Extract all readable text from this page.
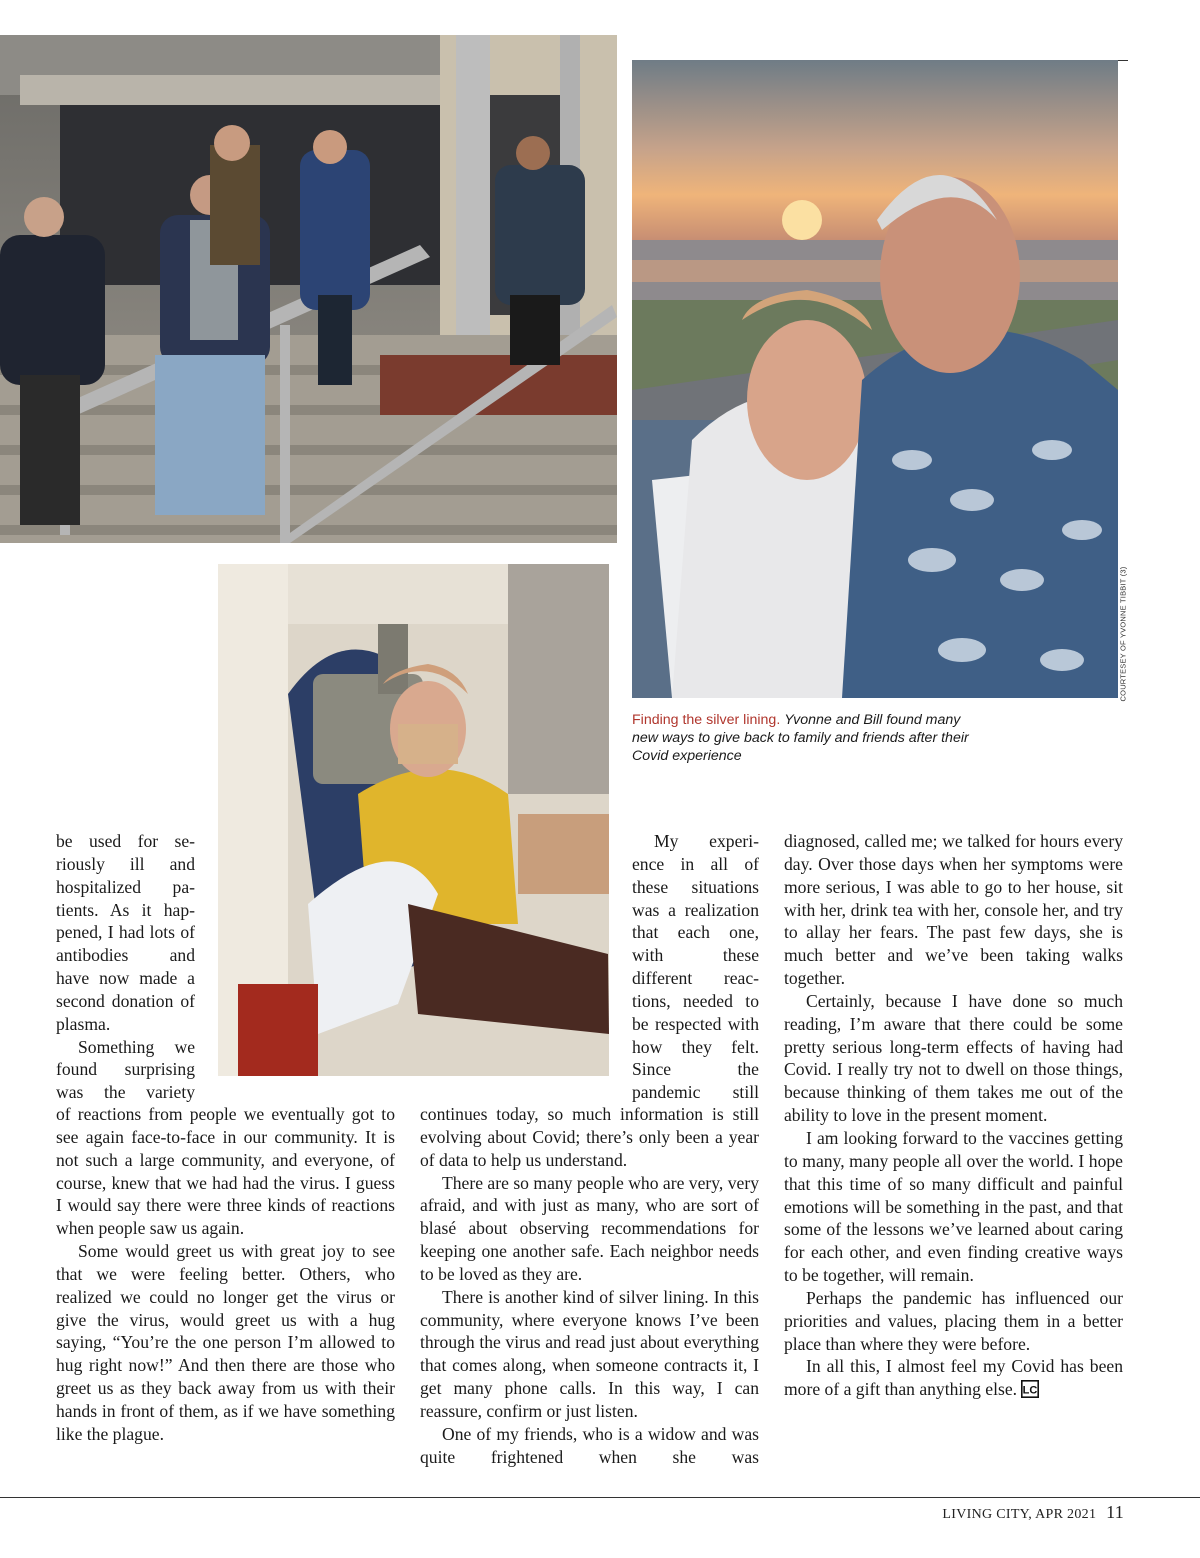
COURTESEY OF YVONNE TIBBIT (3)
Finding the silver lining. Yvonne and Bill found many new ways to give back to family and friends after their Covid experience

be used for seriously ill and hospitalized patients. As it happened, I had lots of antibodies and have now made a second donation of plasma.

Something we found surprising was the variety

of reactions from people we eventually got to see again face-to-face in our community. It is not such a large community, and everyone, of course, knew that we had had the virus. I guess I would say there were three kinds of reactions when people saw us again.

Some would greet us with great joy to see that we were feeling better. Others, who realized we could no longer get the virus or give the virus, would greet us with a hug saying, “You’re the one person I’m allowed to hug right now!” And then there are those who greet us as they back away from us with their hands in front of them, as if we have something like the plague.

My experience in all of these situations was a realization that each one, with these different reactions, needed to be respected with how they felt. Since the pandemic still

continues today, so much information is still evolving about Covid; there’s only been a year of data to help us understand.

There are so many people who are very, very afraid, and with just as many, who are sort of blasé about observing recommendations for keeping one another safe. Each neighbor needs to be loved as they are.

There is another kind of silver lining. In this community, where everyone knows I’ve been through the virus and read just about everything that comes along, when someone contracts it, I get many phone calls. In this way, I can reassure, confirm or just listen.

One of my friends, who is a widow and was quite frightened when she was

diagnosed, called me; we talked for hours every day. Over those days when her symptoms were more serious, I was able to go to her house, sit with her, drink tea with her, console her, and try to allay her fears. The past few days, she is much better and we’ve been taking walks together.

Certainly, because I have done so much reading, I’m aware that there could be some pretty serious long-term effects of having had Covid. I really try not to dwell on those things, because thinking of them takes me out of the ability to love in the present moment.

I am looking forward to the vaccines getting to many, many people all over the world. I hope that this time of so many difficult and painful emotions will be something in the past, and that some of the lessons we’ve learned about caring for each other, and even finding creative ways to be together, will remain.

Perhaps the pandemic has influenced our priorities and values, placing them in a better place than where they were before.

In all this, I almost feel my Covid has been more of a gift than anything else. LC

LIVING CITY, APR 2021 11
